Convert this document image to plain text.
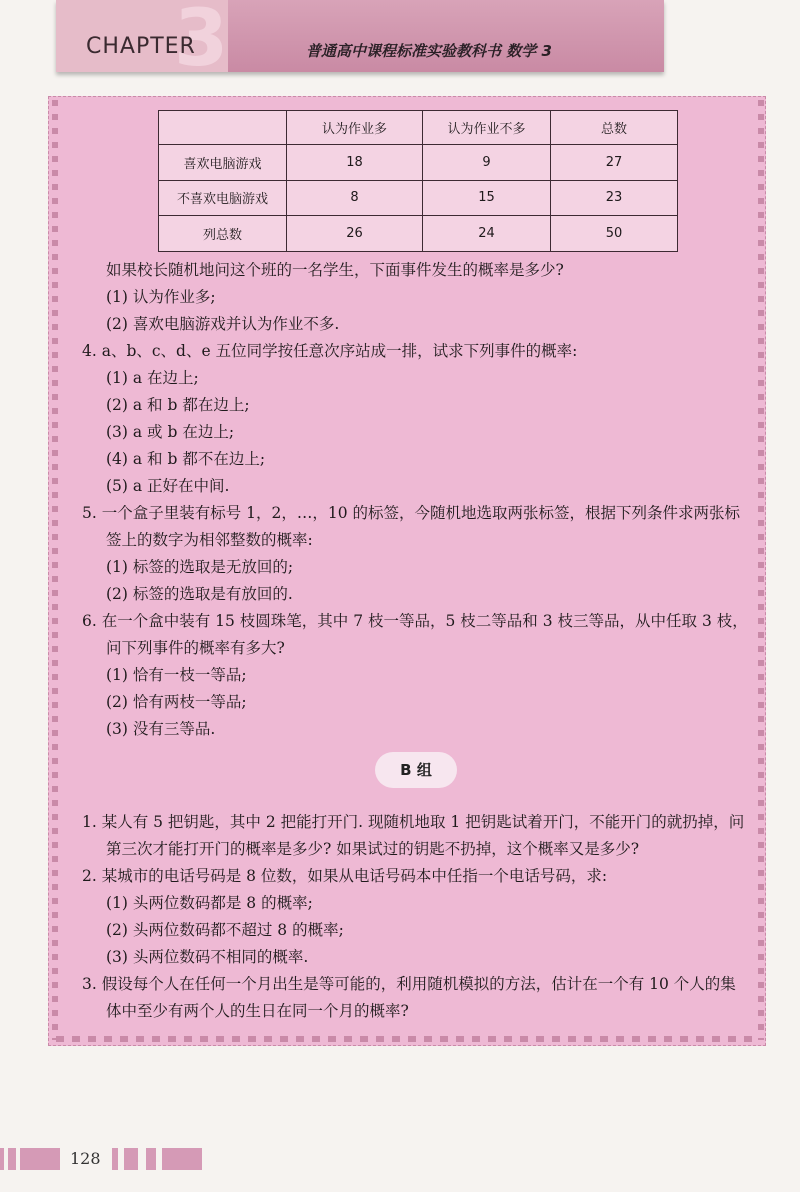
3
CHAPTER	普通高中课程标准实验教科书 数学 3
	认为作业多	认为作业不多	总数
喜欢电脑游戏	18	9	27
不喜欢电脑游戏	8	15	23
列总数	26	24	50
如果校长随机地问这个班的一名学生，下面事件发生的概率是多少?
(1) 认为作业多;
(2) 喜欢电脑游戏并认为作业不多.
4. a、b、c、d、e 五位同学按任意次序站成一排，试求下列事件的概率:
(1) a 在边上;
(2) a 和 b 都在边上;
(3) a 或 b 在边上;
(4) a 和 b 都不在边上;
(5) a 正好在中间.
5. 一个盒子里装有标号 1，2，…，10 的标签，今随机地选取两张标签，根据下列条件求两张标
签上的数字为相邻整数的概率:
(1) 标签的选取是无放回的;
(2) 标签的选取是有放回的.
6. 在一个盒中装有 15 枝圆珠笔，其中 7 枝一等品，5 枝二等品和 3 枝三等品，从中任取 3 枝，
问下列事件的概率有多大?
(1) 恰有一枝一等品;
(2) 恰有两枝一等品;
(3) 没有三等品.
B 组
1. 某人有 5 把钥匙，其中 2 把能打开门. 现随机地取 1 把钥匙试着开门，不能开门的就扔掉，问
第三次才能打开门的概率是多少? 如果试过的钥匙不扔掉，这个概率又是多少?
2. 某城市的电话号码是 8 位数，如果从电话号码本中任指一个电话号码，求:
(1) 头两位数码都是 8 的概率;
(2) 头两位数码都不超过 8 的概率;
(3) 头两位数码不相同的概率.
3. 假设每个人在任何一个月出生是等可能的，利用随机模拟的方法，估计在一个有 10 个人的集
体中至少有两个人的生日在同一个月的概率?
128
